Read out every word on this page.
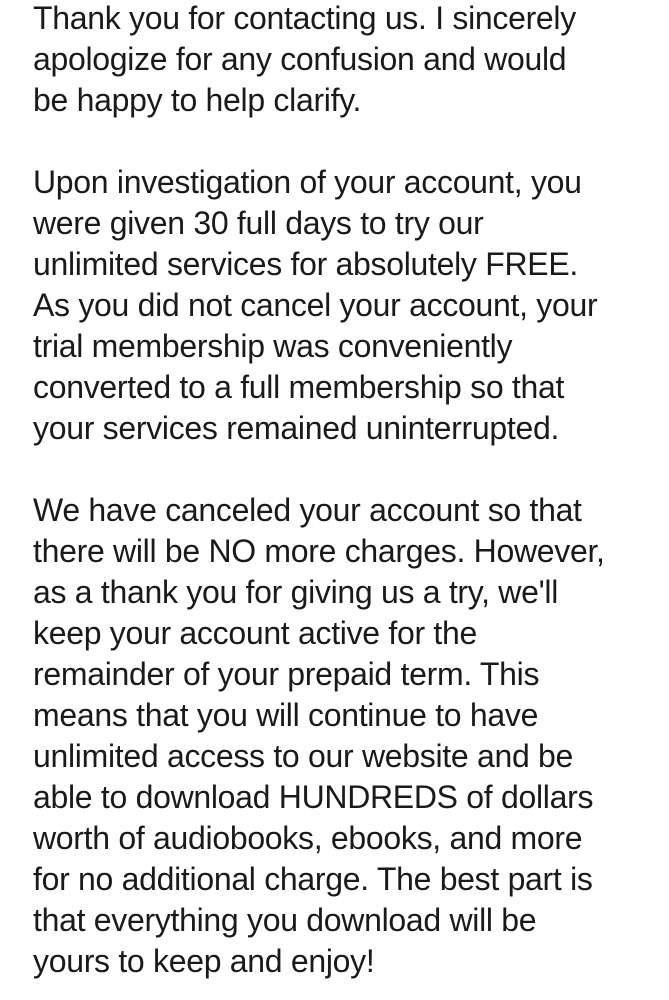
Thank you for contacting us. I sincerely
apologize for any confusion and would
be happy to help clarify.
Upon investigation of your account, you
were given 30 full days to try our
unlimited services for absolutely FREE.
As you did not cancel your account, your
trial membership was conveniently
converted to a full membership so that
your services remained uninterrupted.
We have canceled your account so that
there will be NO more charges. However,
as a thank you for giving us a try, we'll
keep your account active for the
remainder of your prepaid term. This
means that you will continue to have
unlimited access to our website and be
able to download HUNDREDS of dollars
worth of audiobooks, ebooks, and more
for no additional charge. The best part is
that everything you download will be
yours to keep and enjoy!
